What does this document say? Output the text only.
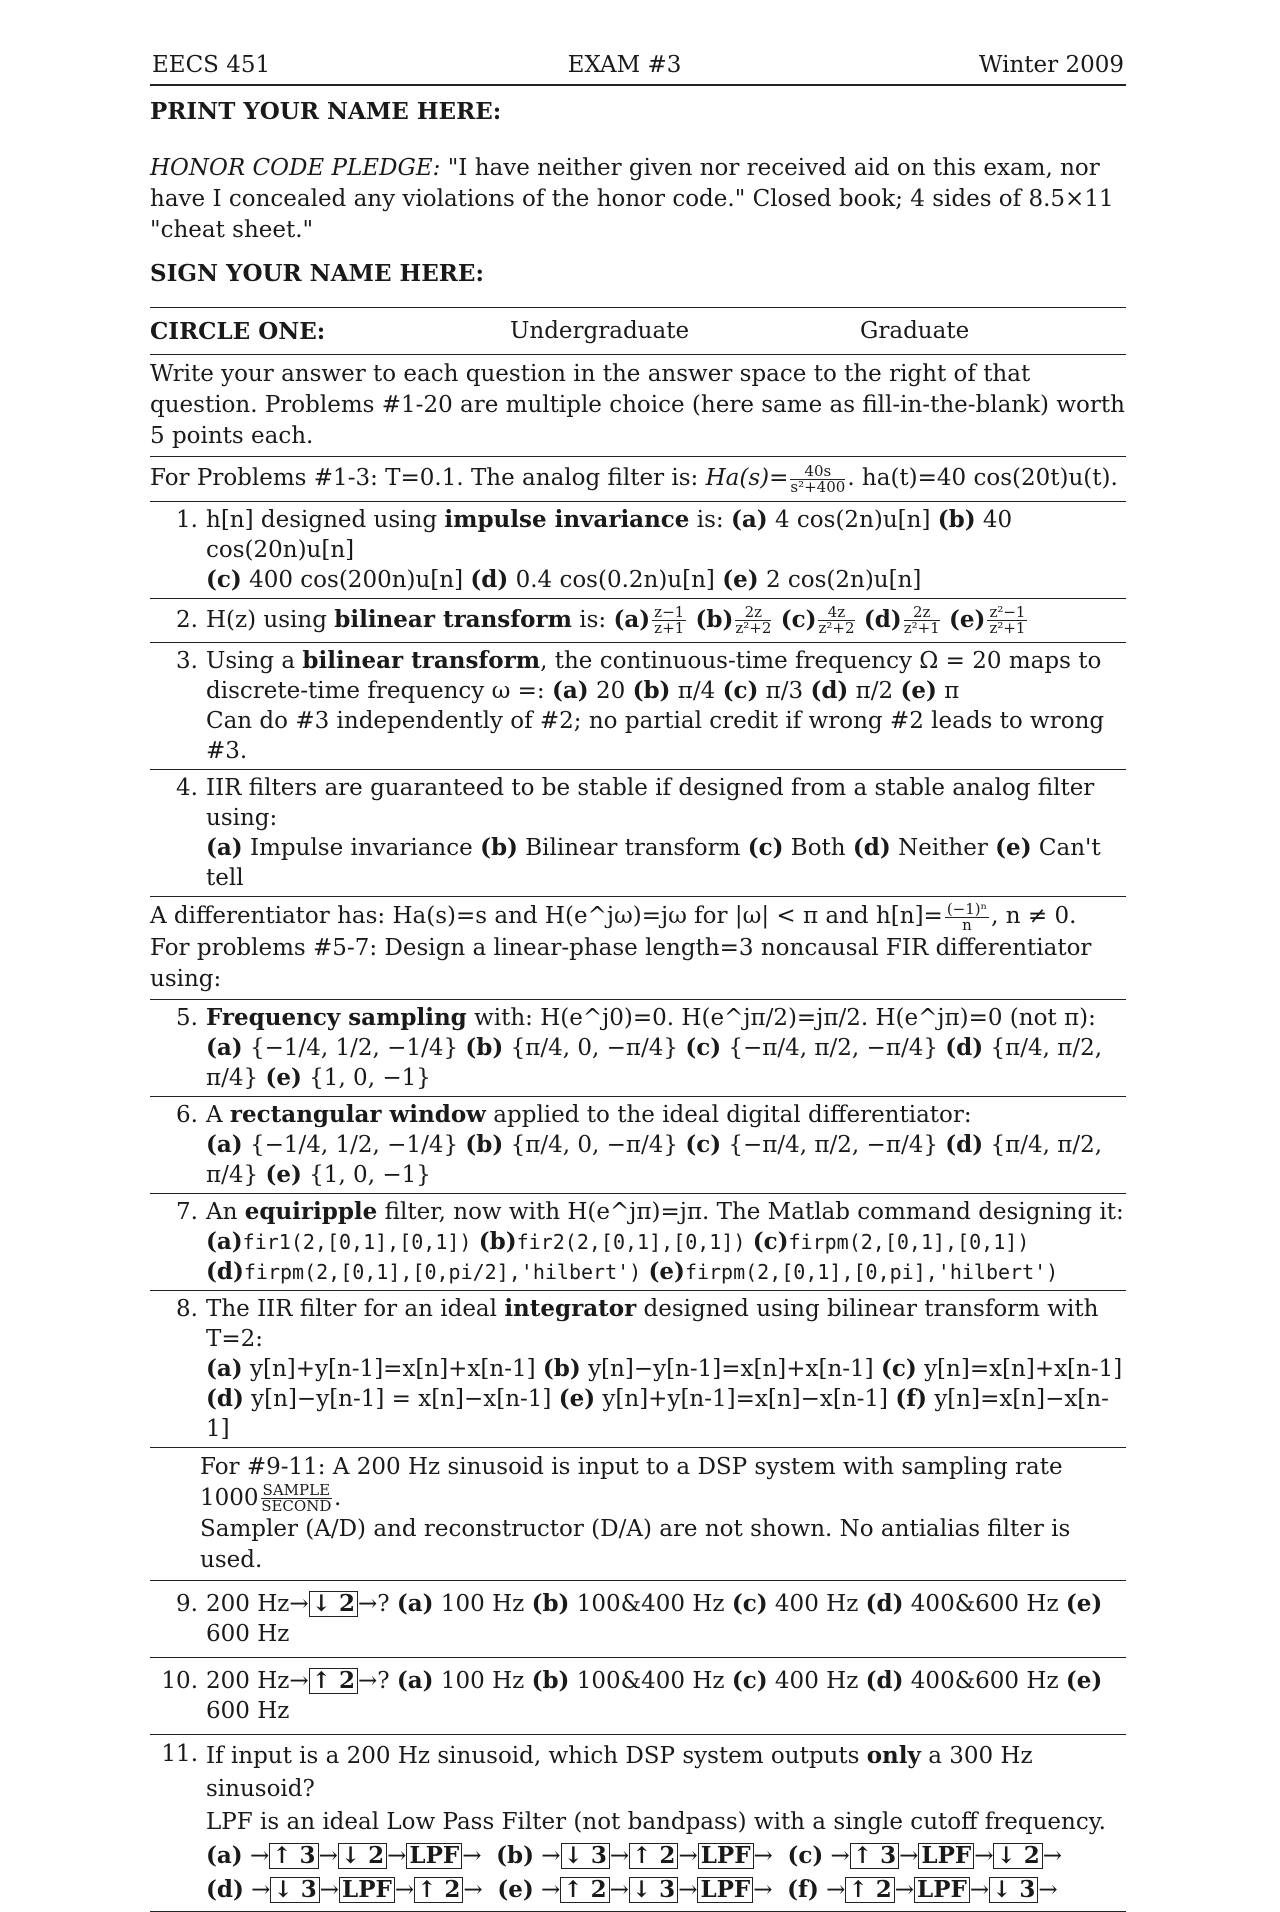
EECS 451	EXAM #3	Winter 2009
PRINT YOUR NAME HERE:
HONOR CODE PLEDGE: "I have neither given nor received aid on this exam, nor have I concealed any violations of the honor code." Closed book; 4 sides of 8.5×11 "cheat sheet."
SIGN YOUR NAME HERE:
CIRCLE ONE:	Undergraduate	Graduate
Write your answer to each question in the answer space to the right of that question. Problems #1-20 are multiple choice (here same as fill-in-the-blank) worth 5 points each.
For Problems #1-3: T=0.1. The analog filter is: $Ha(s)= \frac{40s}{\text{s²+400}}$ . ha(t)=40 cos(20t)u(t).
1. h[n] designed using impulse invariance is: (a) 4 cos(2n)u[n] (b) 40 cos(20n)u[n]
(c) 400 cos(200n)u[n] (d) 0.4 cos(0.2n)u[n] (e) 2 cos(2n)u[n]
2. H(z) using bilinear transform is: $(a) \frac{z-1}{z+1} (b) \frac{2z}{\text{z²+2}} (c) \frac{4z}{\text{z²+2}} (d) \frac{2z}{\text{z²+1}} (e) \frac{\text{z²−1}}{\text{z²+1}}$
3. Using a bilinear transform, the continuous-time frequency Ω = 20 maps to discrete-time frequency ω =: (a) 20 (b) π/4 (c) π/3 (d) π/2 (e) π
Can do #3 independently of #2; no partial credit if wrong #2 leads to wrong #3.
4. IIR filters are guaranteed to be stable if designed from a stable analog filter using:
(a) Impulse invariance (b) Bilinear transform (c) Both (d) Neither (e) Can't tell
A differentiator has: Ha(s)=s and H(e^jω)=jω for |ω| < π and $h[n]= \frac{\text{(−1)ⁿ}}{n}$ , n ≠ 0.
For problems #5-7: Design a linear-phase length=3 noncausal FIR differentiator using:
5. Frequency sampling with: H(e^j0)=0. H(e^jπ/2)=jπ/2. H(e^jπ)=0 (not π):
(a) {−1/4, 1/2, −1/4} (b) {π/4, 0, −π/4} (c) {−π/4, π/2, −π/4} (d) {π/4, π/2, π/4} (e) {1, 0, −1}
6. A rectangular window applied to the ideal digital differentiator:
(a) {−1/4, 1/2, −1/4} (b) {π/4, 0, −π/4} (c) {−π/4, π/2, −π/4} (d) {π/4, π/2, π/4} (e) {1, 0, −1}
7. An equiripple filter, now with H(e^jπ)=jπ. The Matlab command designing it:
(a)fir1(2,[0,1],[0,1]) (b)fir2(2,[0,1],[0,1]) (c)firpm(2,[0,1],[0,1])
(d)firpm(2,[0,1],[0,pi/2],'hilbert') (e)firpm(2,[0,1],[0,pi],'hilbert')
8. The IIR filter for an ideal integrator designed using bilinear transform with T=2:
(a) y[n]+y[n-1]=x[n]+x[n-1] (b) y[n]−y[n-1]=x[n]+x[n-1] (c) y[n]=x[n]+x[n-1]
(d) y[n]−y[n-1] = x[n]−x[n-1] (e) y[n]+y[n-1]=x[n]−x[n-1] (f) y[n]=x[n]−x[n-1]
For #9-11: A 200 Hz sinusoid is input to a DSP system with sampling rate $1000 \frac{\text{SAMPLE}}{\text{SECOND}}$ .
Sampler (A/D) and reconstructor (D/A) are not shown. No antialias filter is used.
9. 200 Hz→ ↓ 2 →? (a) 100 Hz (b) 100&400 Hz (c) 400 Hz (d) 400&600 Hz (e) 600 Hz
10. 200 Hz→ ↑ 2 →? (a) 100 Hz (b) 100&400 Hz (c) 400 Hz (d) 400&600 Hz (e) 600 Hz
11. If input is a 200 Hz sinusoid, which DSP system outputs only a 300 Hz sinusoid?
LPF is an ideal Low Pass Filter (not bandpass) with a single cutoff frequency.
(a) → ↑ 3 → ↓ 2 → LPF → (b) → ↓ 3 → ↑ 2 → LPF → (c) → ↑ 3 → LPF → ↓ 2 →
(d) → ↓ 3 → LPF → ↑ 2 → (e) → ↑ 2 → ↓ 3 → LPF → (f) → ↑ 2 → LPF → ↓ 3 →
